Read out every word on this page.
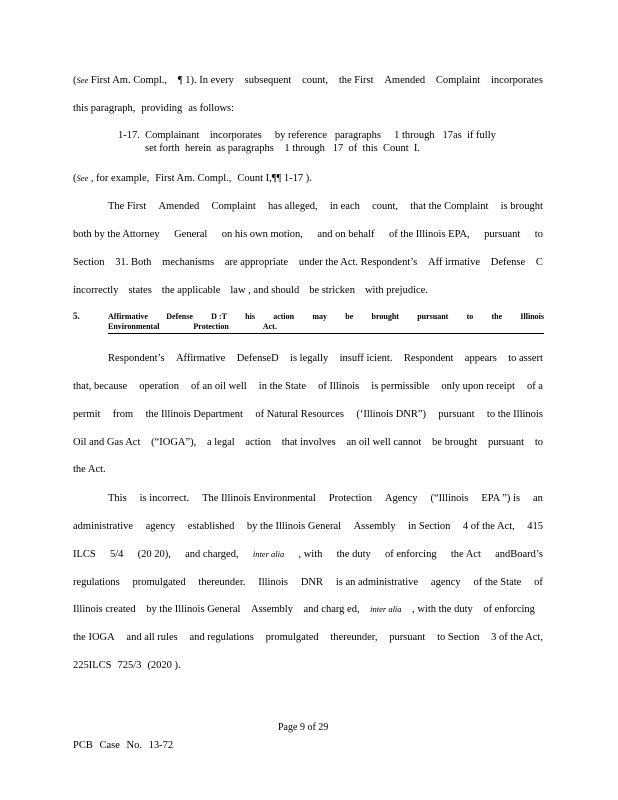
(See First Am. Compl., ¶ 1). In every subsequent count, the First Amended Complaint incorporates
this paragraph, providing as follows:
1-17.  Complainant    incorporates     by reference   paragraphs     1 through   17as  if fully
set forth  herein  as paragraphs    1 through   17  of  this  Count  I.
(See , for example, First Am. Compl., Count I,¶¶ 1-17 ).
The First Amended Complaint has alleged, in each count, that the Complaint is brought
both by the Attorney General on his own motion, and on behalf of the Illinois EPA, pursuant to
Section 31. Both mechanisms are appropriate under the Act. Respondent’s Aff irmative Defense C
incorrectly states the applicable law , and should be stricken with prejudice.
5.	Affirmative Defense D :T his action may be brought pursuant to the Illinois
Environmental	Protection	Act.
Respondent’s Affirmative DefenseD is legally insuff icient. Respondent appears to assert
that, because operation of an oil well in the State of Illinois is permissible only upon receipt of a
permit from the Illinois Department of Natural Resources (‘Illinois DNR”) pursuant to the Illinois
Oil and Gas Act (“IOGA”), a legal action that involves an oil well cannot be brought pursuant to
the Act.
This is incorrect. The Illinois Environmental Protection Agency (“Illinois EPA ”) is an
administrative agency established by the Illinois General Assembly in Section 4 of the Act, 415
ILCS 5/4 (20 20), and charged, inter alia , with the duty of enforcing the Act andBoard’s
regulations promulgated thereunder. Illinois DNR is an administrative agency of the State of
Illinois created by the Illinois General Assembly and charg ed, inter alia , with the duty of enforcing
the IOGA and all rules and regulations promulgated thereunder, pursuant to Section 3 of the Act,
225ILCS 725/3 (2020 ).
Page 9 of 29
PCB Case No. 13-72
